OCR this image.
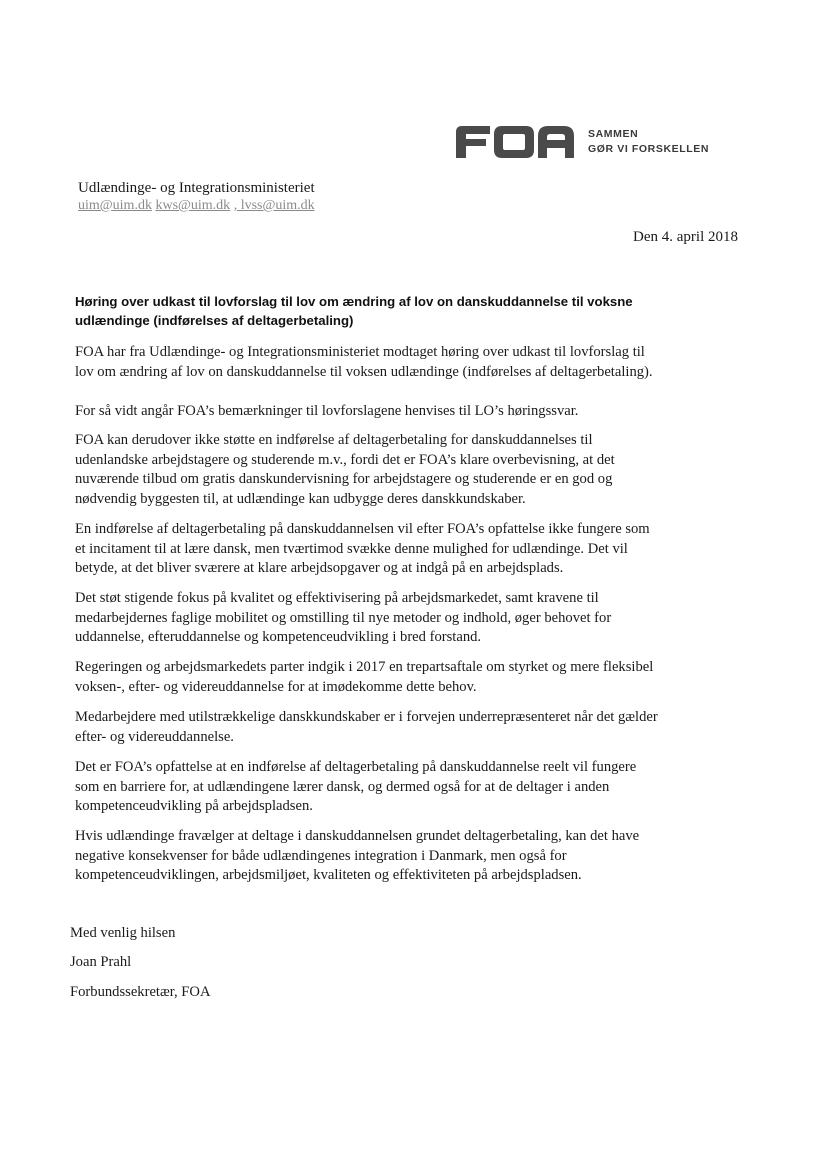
SAMMEN
GØR VI FORSKELLEN
Udlændinge- og Integrationsministeriet
uim@uim.dk kws@uim.dk , lvss@uim.dk
Den 4. april 2018
Høring over udkast til lovforslag til lov om ændring af lov on danskuddannelse til voksne
udlændinge (indførelses af deltagerbetaling)
FOA har fra Udlændinge- og Integrationsministeriet modtaget høring over udkast til lovforslag til
lov om ændring af lov on danskuddannelse til voksen udlændinge (indførelses af deltagerbetaling).
For så vidt angår FOA’s bemærkninger til lovforslagene henvises til LO’s høringssvar.
FOA kan derudover ikke støtte en indførelse af deltagerbetaling for danskuddannelses til
udenlandske arbejdstagere og studerende m.v., fordi det er FOA’s klare overbevisning, at det
nuværende tilbud om gratis danskundervisning for arbejdstagere og studerende er en god og
nødvendig byggesten til, at udlændinge kan udbygge deres danskkundskaber.
En indførelse af deltagerbetaling på danskuddannelsen vil efter FOA’s opfattelse ikke fungere som
et incitament til at lære dansk, men tværtimod svække denne mulighed for udlændinge. Det vil
betyde, at det bliver sværere at klare arbejdsopgaver og at indgå på en arbejdsplads.
Det støt stigende fokus på kvalitet og effektivisering på arbejdsmarkedet, samt kravene til
medarbejdernes faglige mobilitet og omstilling til nye metoder og indhold, øger behovet for
uddannelse, efteruddannelse og kompetenceudvikling i bred forstand.
Regeringen og arbejdsmarkedets parter indgik i 2017 en trepartsaftale om styrket og mere fleksibel
voksen-, efter- og videreuddannelse for at imødekomme dette behov.
Medarbejdere med utilstrækkelige danskkundskaber er i forvejen underrepræsenteret når det gælder
efter- og videreuddannelse.
Det er FOA’s opfattelse at en indførelse af deltagerbetaling på danskuddannelse reelt vil fungere
som en barriere for, at udlændingene lærer dansk, og dermed også for at de deltager i anden
kompetenceudvikling på arbejdspladsen.
Hvis udlændinge fravælger at deltage i danskuddannelsen grundet deltagerbetaling, kan det have
negative konsekvenser for både udlændingenes integration i Danmark, men også for
kompetenceudviklingen, arbejdsmiljøet, kvaliteten og effektiviteten på arbejdspladsen.
Med venlig hilsen
Joan Prahl
Forbundssekretær, FOA
